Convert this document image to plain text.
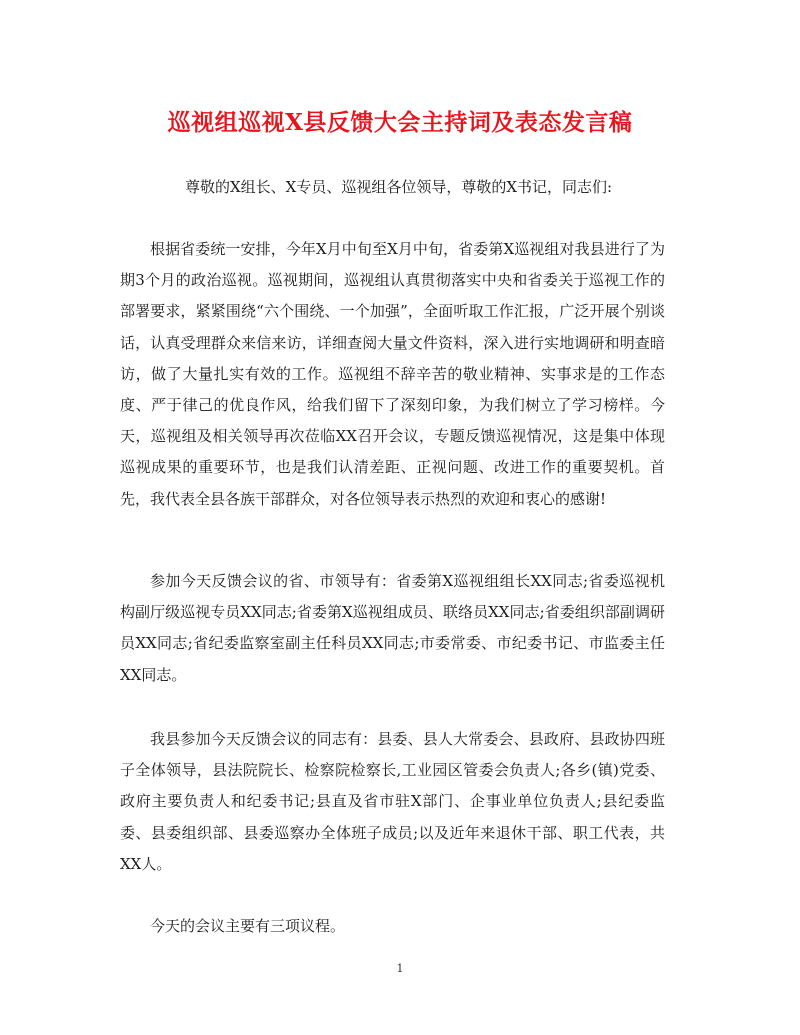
巡视组巡视X县反馈大会主持词及表态发言稿
尊敬的X组长、X专员、巡视组各位领导，尊敬的X书记，同志们:

根据省委统一安排，今年X月中旬至X月中旬，省委第X巡视组对我县进行了为期3个月的政治巡视。巡视期间，巡视组认真贯彻落实中央和省委关于巡视工作的部署要求，紧紧围绕“六个围绕、一个加强”，全面听取工作汇报，广泛开展个别谈话，认真受理群众来信来访，详细查阅大量文件资料，深入进行实地调研和明查暗访，做了大量扎实有效的工作。巡视组不辞辛苦的敬业精神、实事求是的工作态度、严于律己的优良作风，给我们留下了深刻印象，为我们树立了学习榜样。今天，巡视组及相关领导再次莅临XX召开会议，专题反馈巡视情况，这是集中体现巡视成果的重要环节，也是我们认清差距、正视问题、改进工作的重要契机。首先，我代表全县各族干部群众，对各位领导表示热烈的欢迎和衷心的感谢!

参加今天反馈会议的省、市领导有：省委第X巡视组组长XX同志;省委巡视机构副厅级巡视专员XX同志;省委第X巡视组成员、联络员XX同志;省委组织部副调研员XX同志;省纪委监察室副主任科员XX同志;市委常委、市纪委书记、市监委主任XX同志。

我县参加今天反馈会议的同志有：县委、县人大常委会、县政府、县政协四班子全体领导，县法院院长、检察院检察长,工业园区管委会负责人;各乡(镇)党委、政府主要负责人和纪委书记;县直及省市驻X部门、企事业单位负责人;县纪委监委、县委组织部、县委巡察办全体班子成员;以及近年来退休干部、职工代表，共XX人。

今天的会议主要有三项议程。

1
